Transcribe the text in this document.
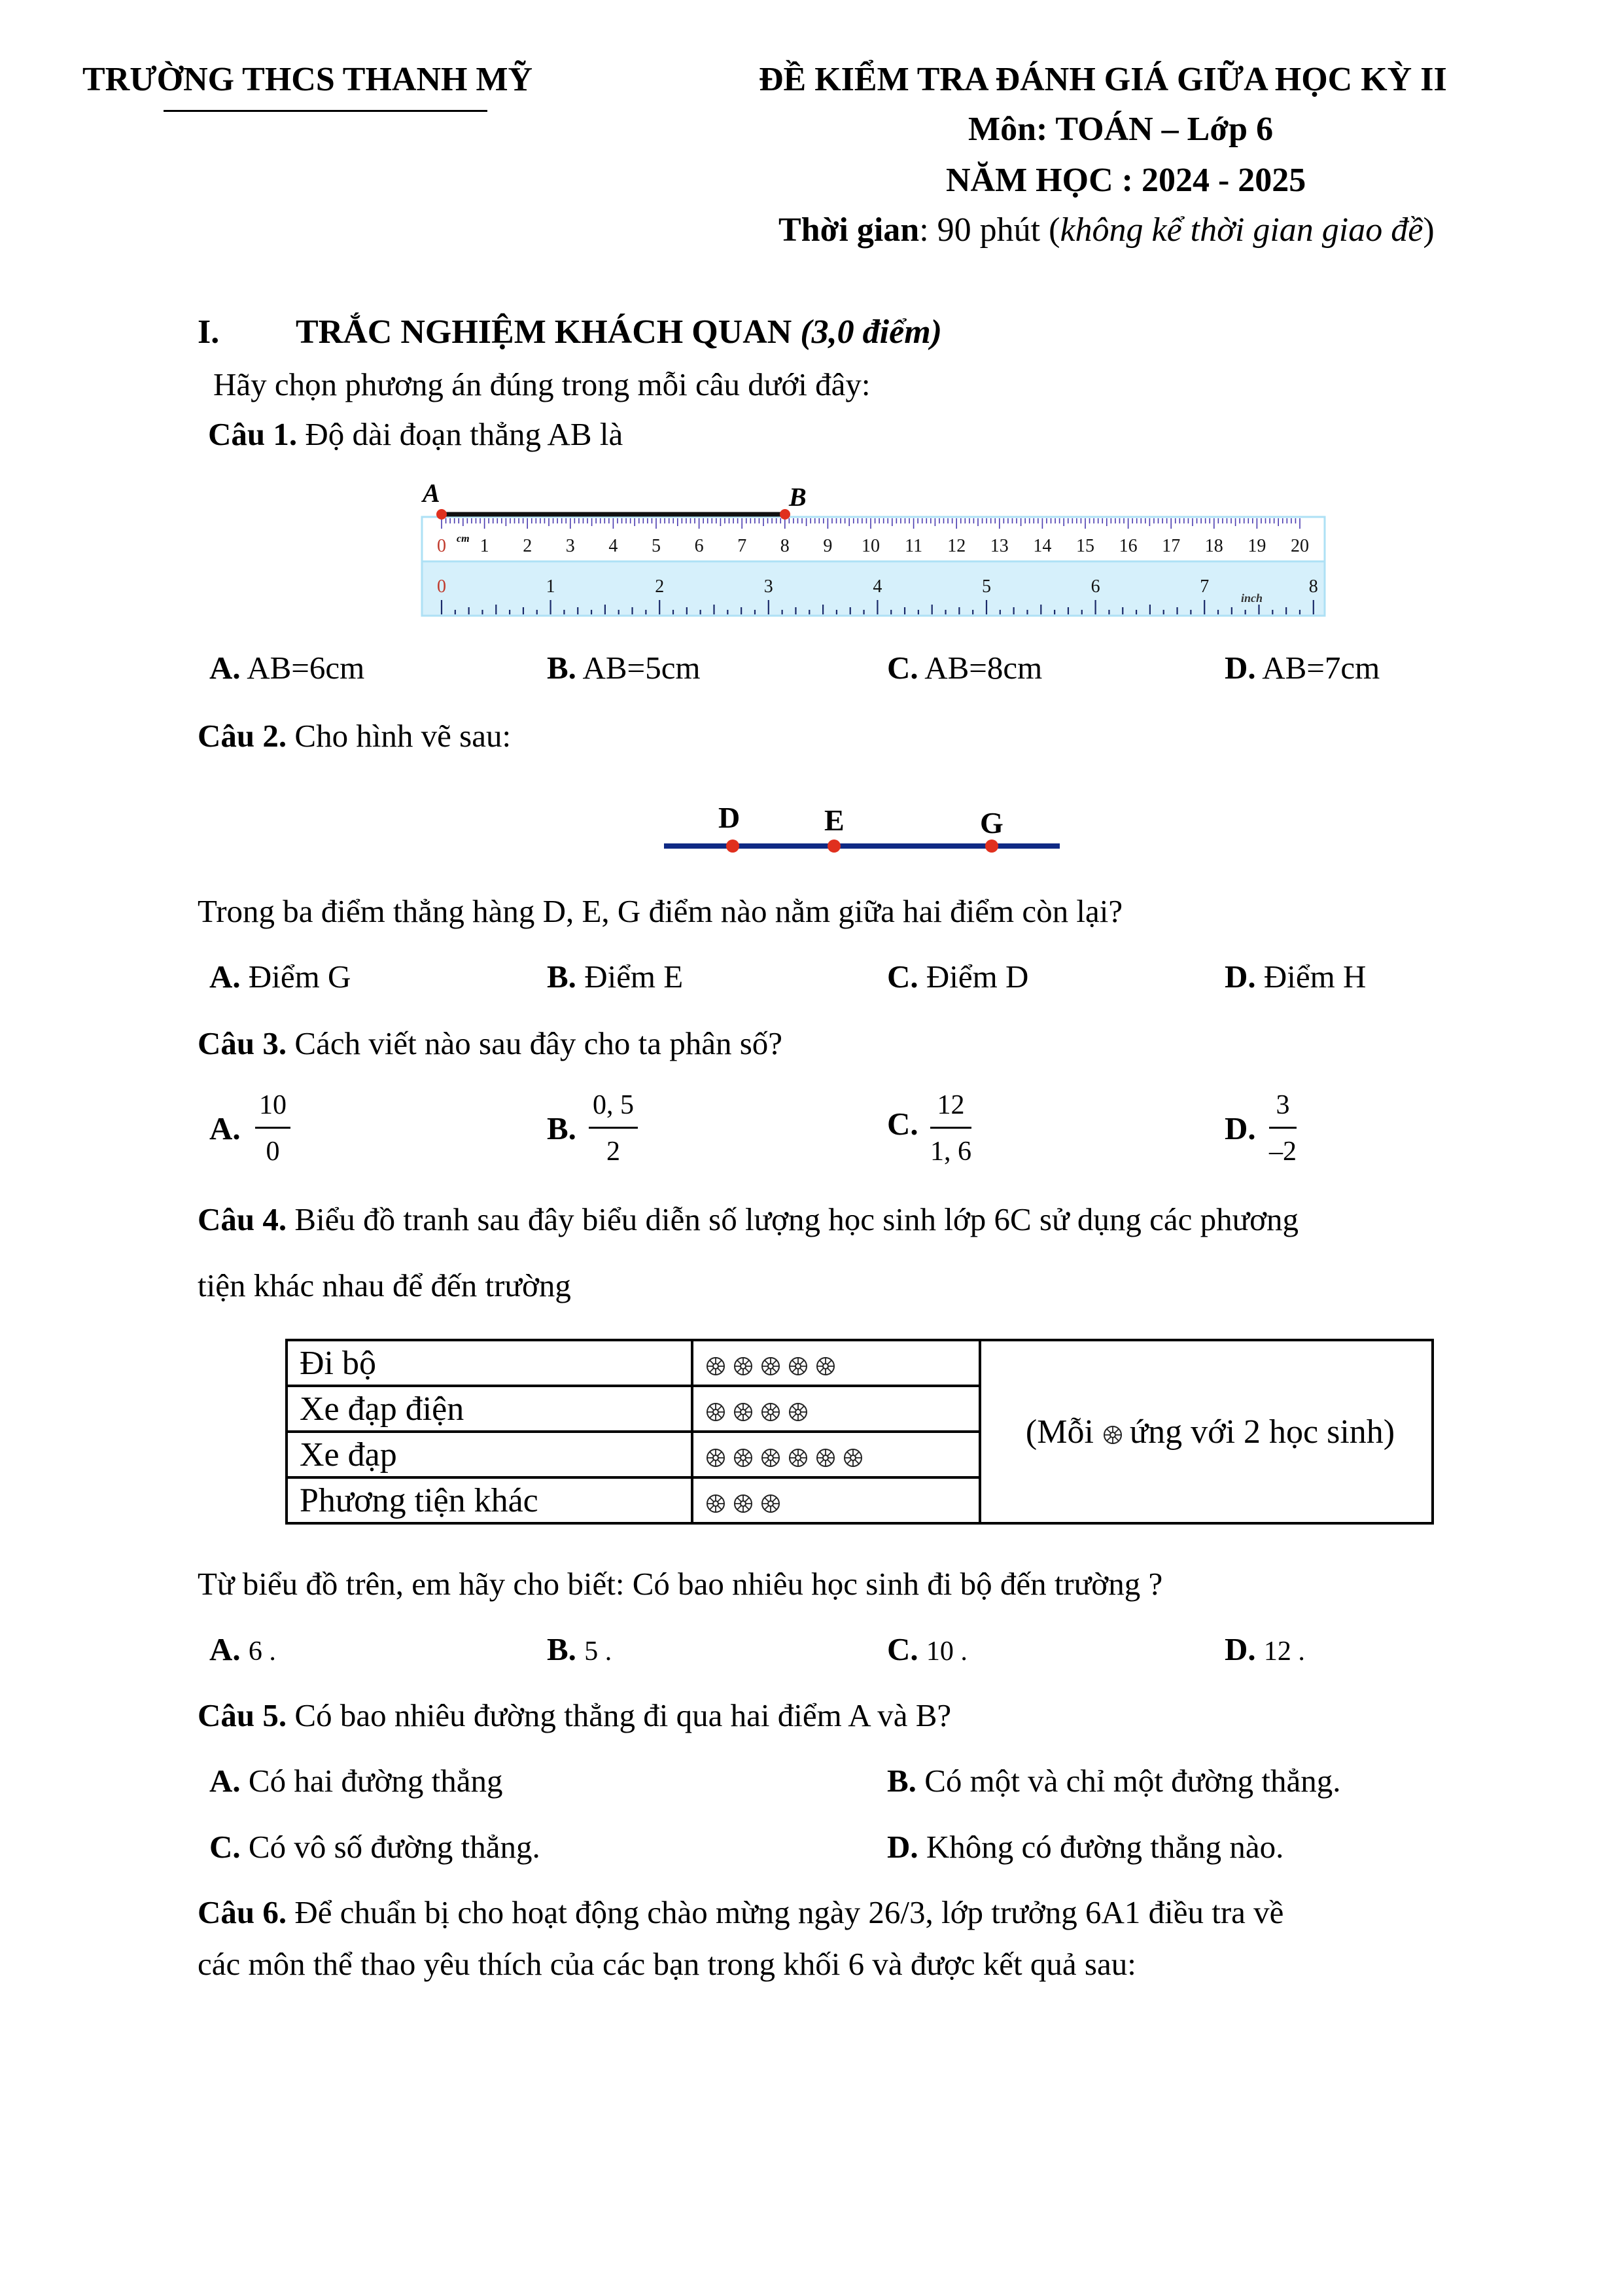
TRƯỜNG THCS THANH MỸ	ĐỀ KIỂM TRA ĐÁNH GIÁ GIỮA HỌC KỲ II
Môn: TOÁN – Lớp 6
NĂM HỌC : 2024 - 2025
Thời gian: 90 phút (không kể thời gian giao đề)
I. TRẮC NGHIỆM KHÁCH QUAN (3,0 điểm)
Hãy chọn phương án đúng trong mỗi câu dưới đây:
Câu 1. Độ dài đoạn thẳng AB là
0 1 2 3 4 5 6 7 8 9 10 11 12 13 14 15 16 17 18 19 20
0	1	2	3	4	5	6	7	8
A	B
cm
inch
A. AB=6cm	B. AB=5cm	C. AB=8cm	D. AB=7cm
Câu 2. Cho hình vẽ sau:
D	E	G
Trong ba điểm thẳng hàng D, E, G điểm nào nằm giữa hai điểm còn lại?
A. Điểm G	B. Điểm E	C. Điểm D	D. Điểm H
Câu 3. Cách viết nào sau đây cho ta phân số?
A. $\frac{10}{0}$	B. $\frac{0, 5}{2}$	C. $\frac{12}{1, 6}$	D. $\frac{3}{-2}$
Câu 4. Biểu đồ tranh sau đây biểu diễn số lượng học sinh lớp 6C sử dụng các phương
tiện khác nhau để đến trường
Đi bộ		(Mỗi ứng với 2 học sinh)
Xe đạp điện	
Xe đạp	
Phương tiện khác	
Từ biểu đồ trên, em hãy cho biết: Có bao nhiêu học sinh đi bộ đến trường ?
A. 6 .	B. 5 .	C. 10 .	D. 12 .
Câu 5. Có bao nhiêu đường thẳng đi qua hai điểm A và B?
A. Có hai đường thẳng	B. Có một và chỉ một đường thẳng.
C. Có vô số đường thẳng.	D. Không có đường thẳng nào.
Câu 6. Để chuẩn bị cho hoạt động chào mừng ngày 26/3, lớp trưởng 6A1 điều tra về
các môn thể thao yêu thích của các bạn trong khối 6 và được kết quả sau:
